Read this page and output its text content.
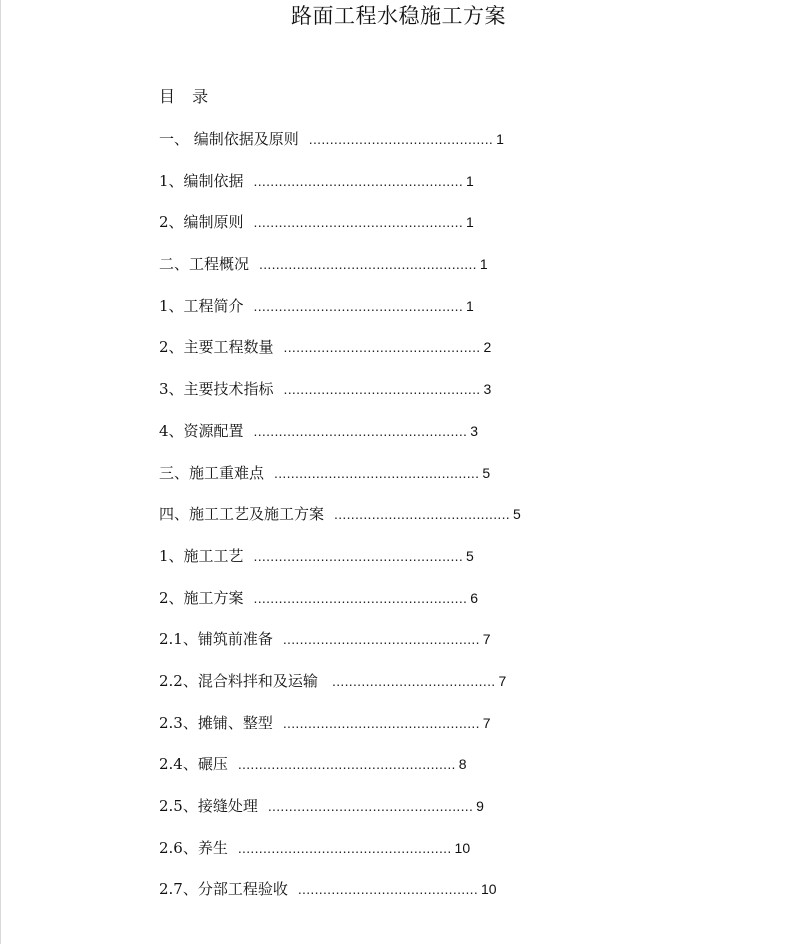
路面工程水稳施工方案
目 录
一、 编制依据及原则 ............................................ 1
1、编制依据 .................................................. 1
2、编制原则 .................................................. 1
二、工程概况 .................................................... 1
1、工程简介 .................................................. 1
2、主要工程数量 ............................................... 2
3、主要技术指标 ............................................... 3
4、资源配置 ................................................... 3
三、施工重难点 ................................................. 5
四、施工工艺及施工方案 .......................................... 5
1、施工工艺 .................................................. 5
2、施工方案 ................................................... 6
2.1、铺筑前准备 ............................................... 7
2.2、混合料拌和及运输 ....................................... 7
2.3、摊铺、整型 ............................................... 7
2.4、碾压 .................................................... 8
2.5、接缝处理 ................................................. 9
2.6、养生 ................................................... 10
2.7、分部工程验收 ........................................... 10
